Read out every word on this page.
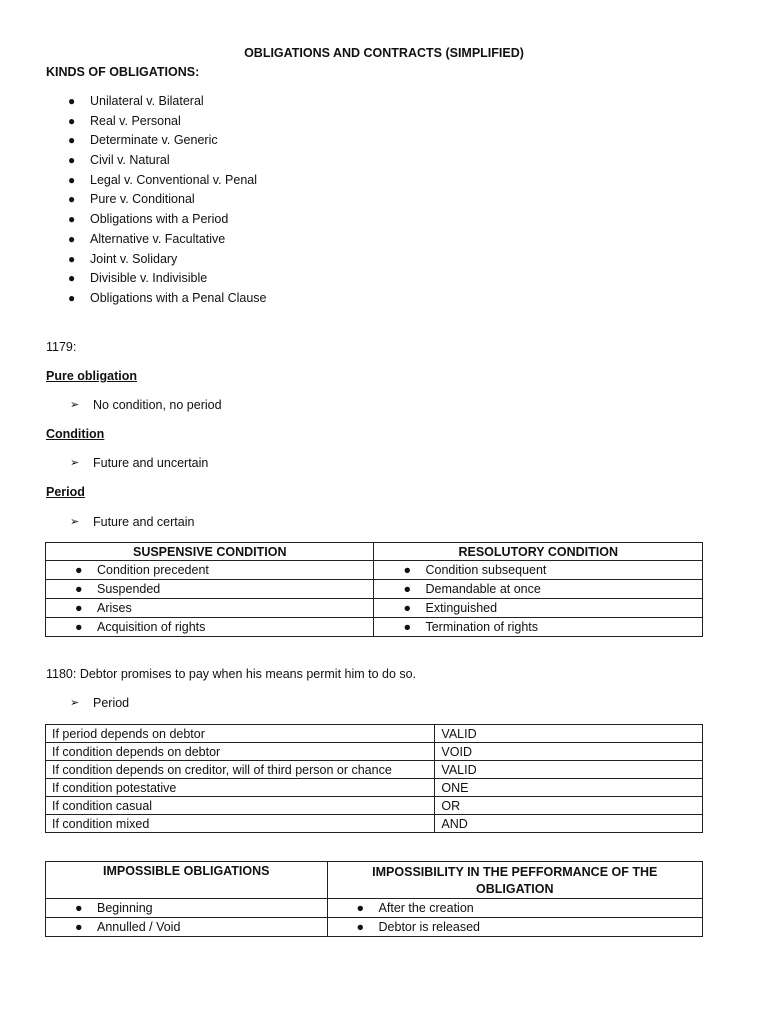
OBLIGATIONS AND CONTRACTS (SIMPLIFIED)
KINDS OF OBLIGATIONS:
● Unilateral v. Bilateral
● Real v. Personal
● Determinate v. Generic
● Civil v. Natural
● Legal v. Conventional v. Penal
● Pure v. Conditional
● Obligations with a Period
● Alternative v. Facultative
● Joint v. Solidary
● Divisible v. Indivisible
● Obligations with a Penal Clause
1179:
Pure obligation
➢ No condition, no period
Condition
➢ Future and uncertain
Period
➢ Future and certain
SUSPENSIVE CONDITION	RESOLUTORY CONDITION

● Condition precedent	● Condition subsequent

● Suspended	● Demandable at once

● Arises	● Extinguished

● Acquisition of rights	● Termination of rights
1180: Debtor promises to pay when his means permit him to do so.
➢ Period
If period depends on debtor	VALID
If condition depends on debtor	VOID
If condition depends on creditor, will of third person or chance	VALID
If condition potestative	ONE
If condition casual	OR
If condition mixed	AND
IMPOSSIBLE OBLIGATIONS	IMPOSSIBILITY IN THE PEFFORMANCE OF THE OBLIGATION

● Beginning	● After the creation

● Annulled / Void	● Debtor is released
